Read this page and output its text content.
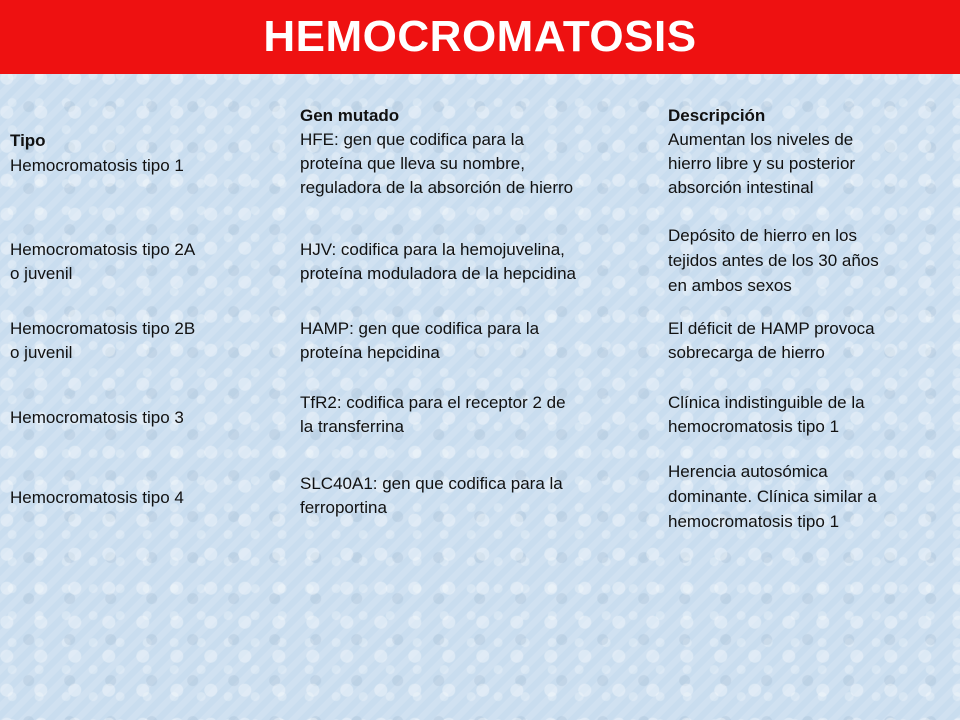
HEMOCROMATOSIS
Tipo
Gen mutado	Descripción
Hemocromatosis tipo 1
HFE: gen que codifica para la
proteína que lleva su nombre,
reguladora de la absorción de hierro
Aumentan los niveles de
hierro libre y su posterior
absorción intestinal
Hemocromatosis tipo 2A
o juvenil
HJV: codifica para la hemojuvelina,
proteína moduladora de la hepcidina
Depósito de hierro en los
tejidos antes de los 30 años
en ambos sexos
Hemocromatosis tipo 2B
o juvenil
HAMP: gen que codifica para la
proteína hepcidina
El déficit de HAMP provoca
sobrecarga de hierro
Hemocromatosis tipo 3
TfR2: codifica para el receptor 2 de
la transferrina
Clínica indistinguible de la
hemocromatosis tipo 1
Hemocromatosis tipo 4
SLC40A1: gen que codifica para la
ferroportina
Herencia autosómica
dominante. Clínica similar a
hemocromatosis tipo 1
